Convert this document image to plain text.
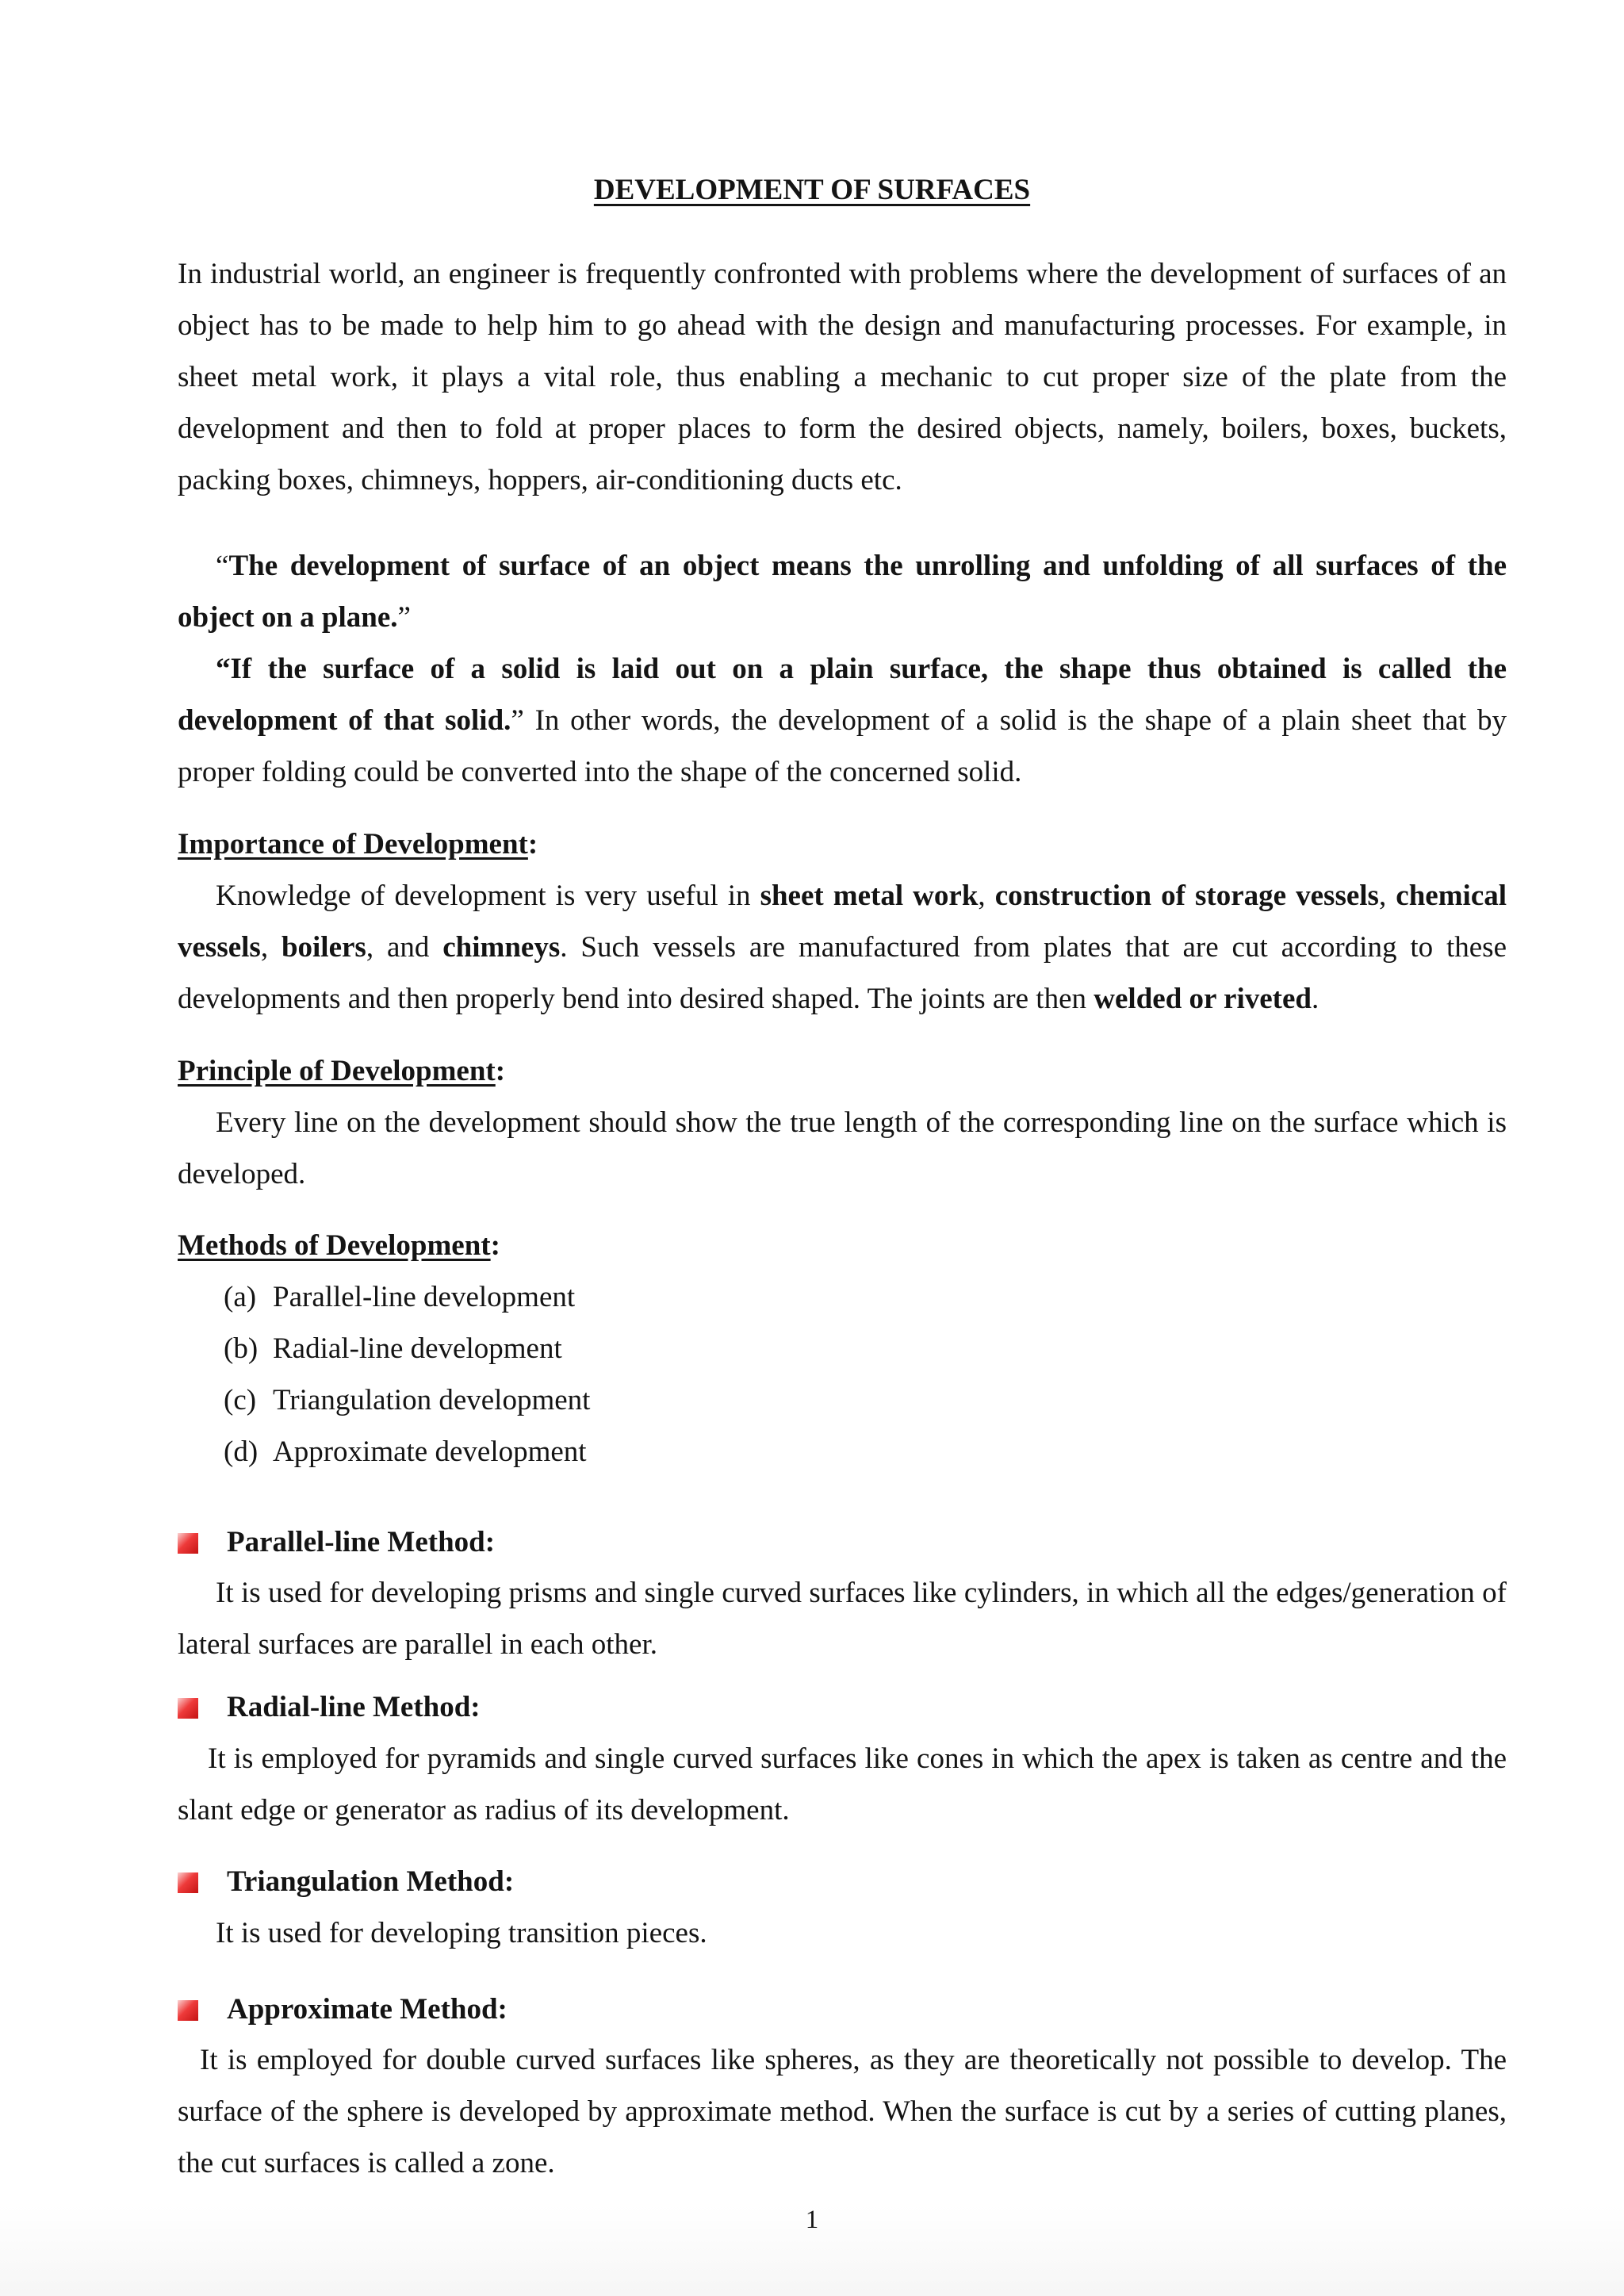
DEVELOPMENT OF SURFACES

In industrial world, an engineer is frequently confronted with problems where the development of surfaces of an object has to be made to help him to go ahead with the design and manufacturing processes. For example, in sheet metal work, it plays a vital role, thus enabling a mechanic to cut proper size of the plate from the development and then to fold at proper places to form the desired objects, namely, boilers, boxes, buckets, packing boxes, chimneys, hoppers, air-conditioning ducts etc.

“The development of surface of an object means the unrolling and unfolding of all surfaces of the object on a plane.”

“If the surface of a solid is laid out on a plain surface, the shape thus obtained is called the development of that solid.” In other words, the development of a solid is the shape of a plain sheet that by proper folding could be converted into the shape of the concerned solid.

Importance of Development:

Knowledge of development is very useful in sheet metal work, construction of storage vessels, chemical vessels, boilers, and chimneys. Such vessels are manufactured from plates that are cut according to these developments and then properly bend into desired shaped. The joints are then welded or riveted.

Principle of Development:

Every line on the development should show the true length of the corresponding line on the surface which is developed.

Methods of Development:
(a) Parallel-line development
(b) Radial-line development
(c) Triangulation development
(d) Approximate development
Parallel-line Method:

It is used for developing prisms and single curved surfaces like cylinders, in which all the edges/generation of lateral surfaces are parallel in each other.

Radial-line Method:

It is employed for pyramids and single curved surfaces like cones in which the apex is taken as centre and the slant edge or generator as radius of its development.

Triangulation Method:

It is used for developing transition pieces.

Approximate Method:

It is employed for double curved surfaces like spheres, as they are theoretically not possible to develop. The surface of the sphere is developed by approximate method. When the surface is cut by a series of cutting planes, the cut surfaces is called a zone.

1
